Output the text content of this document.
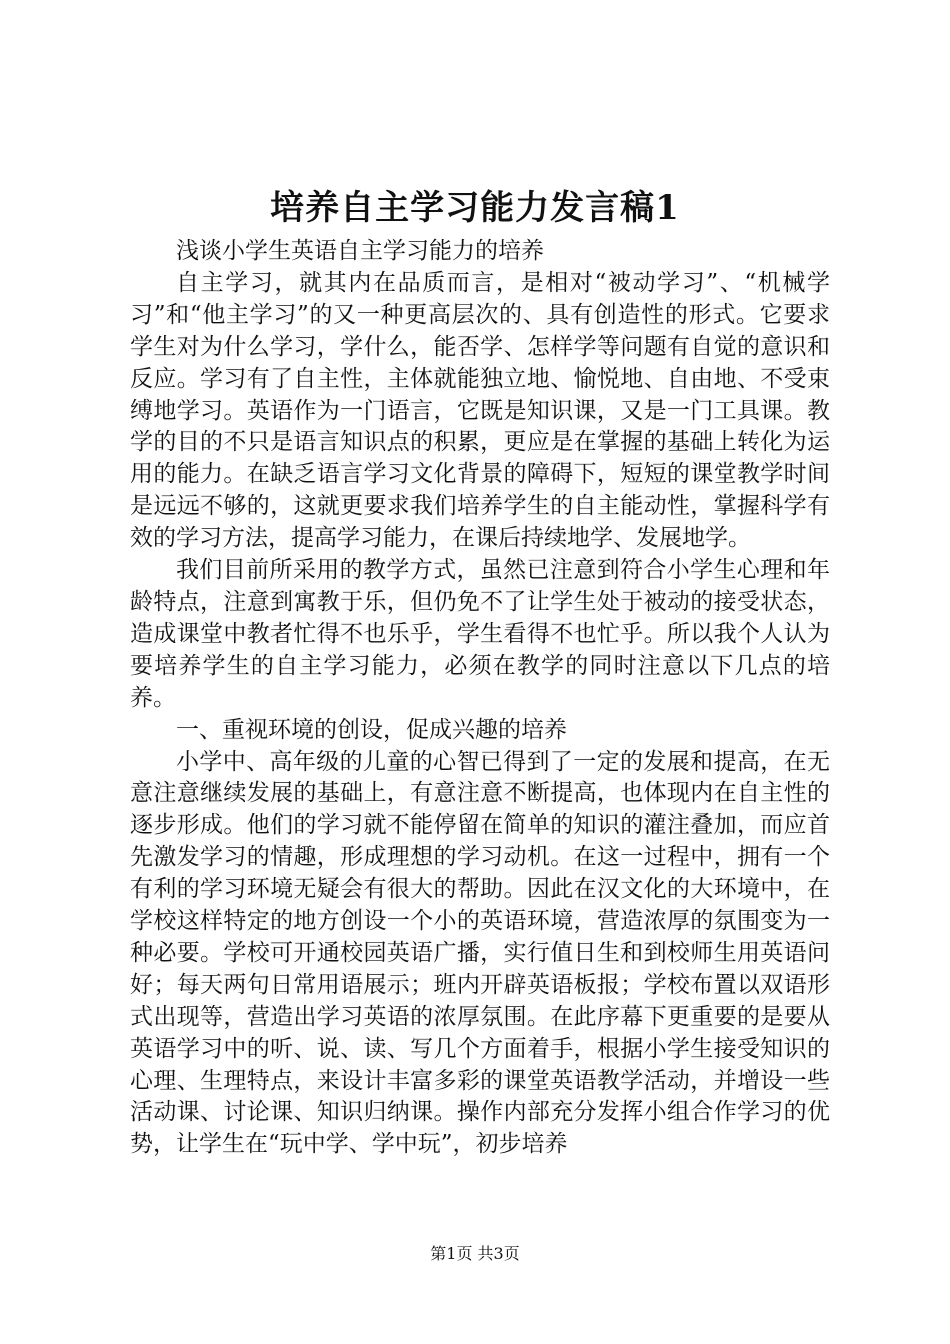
培养自主学习能力发言稿1

浅谈小学生英语自主学习能力的培养

自主学习，就其内在品质而言，是相对“被动学习”、“机械学习”和“他主学习”的又一种更高层次的、具有创造性的形式。它要求学生对为什么学习，学什么，能否学、怎样学等问题有自觉的意识和反应。学习有了自主性，主体就能独立地、愉悦地、自由地、不受束缚地学习。英语作为一门语言，它既是知识课，又是一门工具课。教学的目的不只是语言知识点的积累，更应是在掌握的基础上转化为运用的能力。在缺乏语言学习文化背景的障碍下，短短的课堂教学时间是远远不够的，这就更要求我们培养学生的自主能动性，掌握科学有效的学习方法，提高学习能力，在课后持续地学、发展地学。

我们目前所采用的教学方式，虽然已注意到符合小学生心理和年龄特点，注意到寓教于乐，但仍免不了让学生处于被动的接受状态，造成课堂中教者忙得不也乐乎，学生看得不也忙乎。所以我个人认为要培养学生的自主学习能力，必须在教学的同时注意以下几点的培养。

一、重视环境的创设，促成兴趣的培养

小学中、高年级的儿童的心智已得到了一定的发展和提高，在无意注意继续发展的基础上，有意注意不断提高，也体现内在自主性的逐步形成。他们的学习就不能停留在简单的知识的灌注叠加，而应首先激发学习的情趣，形成理想的学习动机。在这一过程中，拥有一个有利的学习环境无疑会有很大的帮助。因此在汉文化的大环境中，在学校这样特定的地方创设一个小的英语环境，营造浓厚的氛围变为一种必要。学校可开通校园英语广播，实行值日生和到校师生用英语问好；每天两句日常用语展示；班内开辟英语板报；学校布置以双语形式出现等，营造出学习英语的浓厚氛围。在此序幕下更重要的是要从英语学习中的听、说、读、写几个方面着手，根据小学生接受知识的心理、生理特点，来设计丰富多彩的课堂英语教学活动，并增设一些活动课、讨论课、知识归纳课。操作内部充分发挥小组合作学习的优势，让学生在“玩中学、学中玩”，初步培养

第1页 共3页
